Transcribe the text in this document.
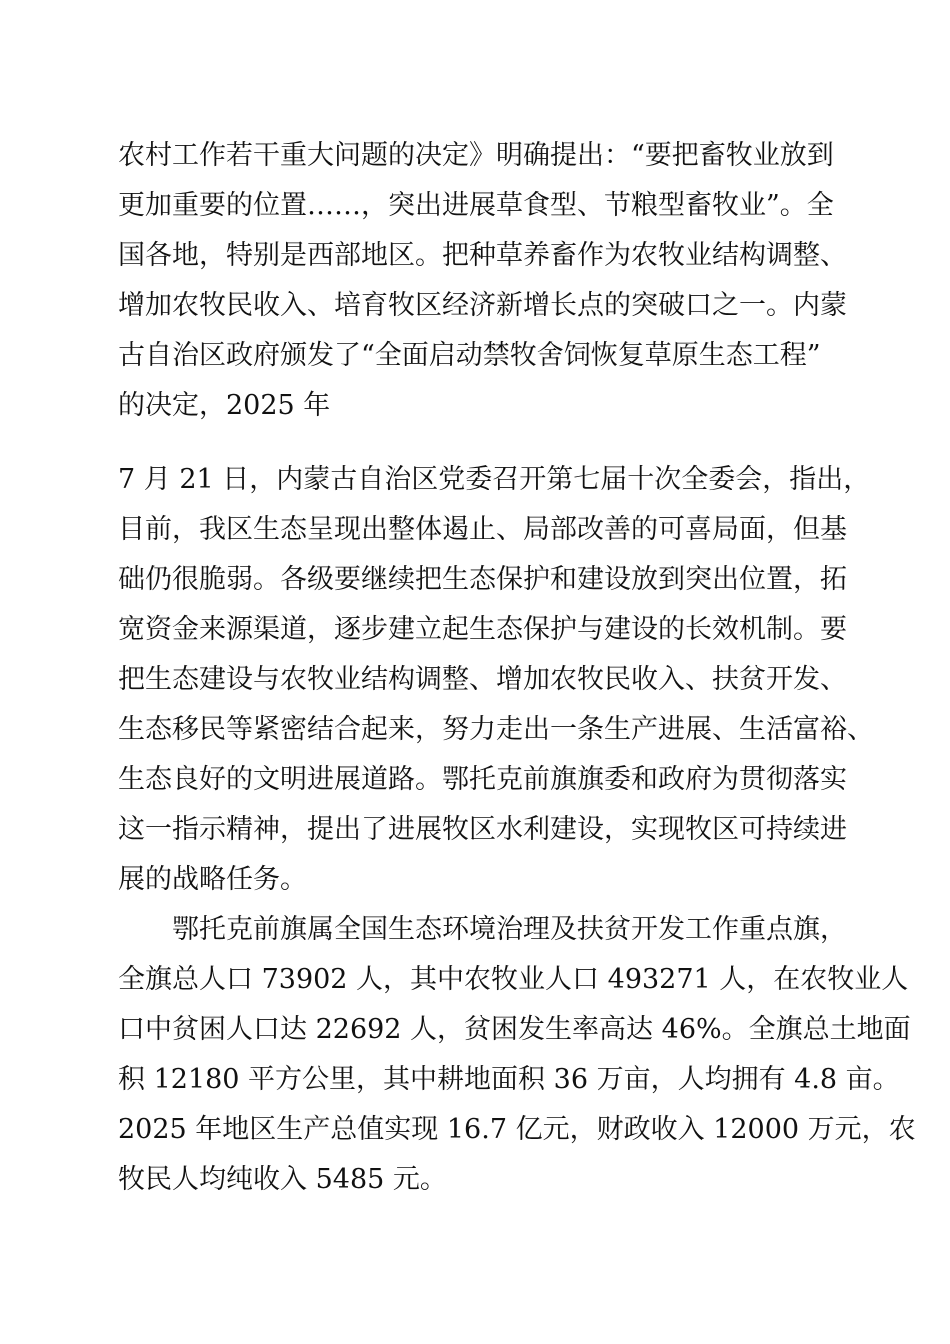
农村工作若干重大问题的决定》明确提出：“要把畜牧业放到
更加重要的位置……，突出进展草食型、节粮型畜牧业”。全
国各地，特别是西部地区。把种草养畜作为农牧业结构调整、
增加农牧民收入、培育牧区经济新增长点的突破口之一。内蒙
古自治区政府颁发了“全面启动禁牧舍饲恢复草原生态工程”
的决定，2025 年
7 月 21 日，内蒙古自治区党委召开第七届十次全委会，指出，
目前，我区生态呈现出整体遏止、局部改善的可喜局面，但基
础仍很脆弱。各级要继续把生态保护和建设放到突出位置，拓
宽资金来源渠道，逐步建立起生态保护与建设的长效机制。要
把生态建设与农牧业结构调整、增加农牧民收入、扶贫开发、
生态移民等紧密结合起来，努力走出一条生产进展、生活富裕、
生态良好的文明进展道路。鄂托克前旗旗委和政府为贯彻落实
这一指示精神，提出了进展牧区水利建设，实现牧区可持续进
展的战略任务。
鄂托克前旗属全国生态环境治理及扶贫开发工作重点旗，
全旗总人口 73902 人，其中农牧业人口 493271 人，在农牧业人
口中贫困人口达 22692 人，贫困发生率高达 46%。全旗总土地面
积 12180 平方公里，其中耕地面积 36 万亩，人均拥有 4.8 亩。
2025 年地区生产总值实现 16.7 亿元，财政收入 12000 万元，农
牧民人均纯收入 5485 元。
